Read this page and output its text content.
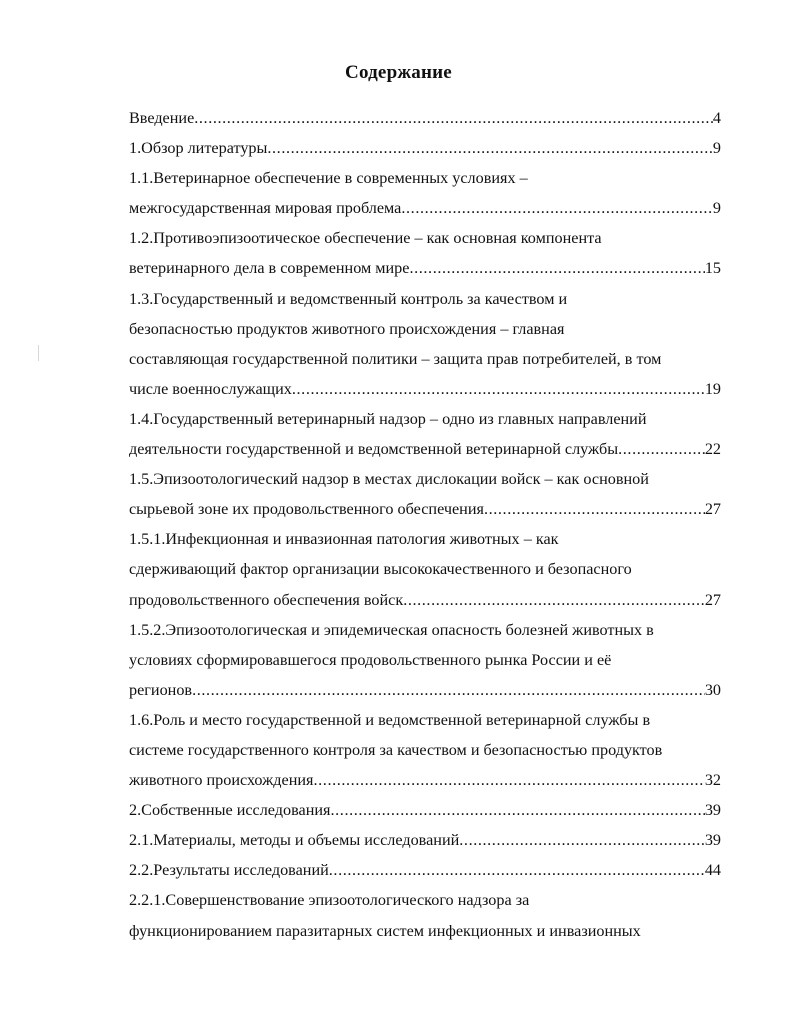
Содержание
Введение .....	4
1.Обзор литературы .....	9
1.1.Ветеринарное обеспечение в современных условиях –
межгосударственная мировая проблема .....	9
1.2.Противоэпизоотическое обеспечение – как основная компонента
ветеринарного дела в современном мире .....	15
1.3.Государственный и ведомственный контроль за качеством и
безопасностью продуктов животного происхождения – главная
составляющая государственной политики – защита прав потребителей, в том
числе военнослужащих .....	19
1.4.Государственный ветеринарный надзор – одно из главных направлений
деятельности государственной и ведомственной ветеринарной службы .....	22
1.5.Эпизоотологический надзор в местах дислокации войск – как основной
сырьевой зоне их продовольственного обеспечения .....	27
1.5.1.Инфекционная и инвазионная патология животных – как
сдерживающий фактор организации высококачественного и безопасного
продовольственного обеспечения войск .....	27
1.5.2.Эпизоотологическая и эпидемическая опасность болезней животных в
условиях сформировавшегося продовольственного рынка России и её
регионов .....	30
1.6.Роль и место государственной и ведомственной ветеринарной службы в
системе государственного контроля за качеством и безопасностью продуктов
животного происхождения .....	32
2.Собственные исследования .....	39
2.1.Материалы, методы и объемы исследований .....	39
2.2.Результаты исследований .....	44
2.2.1.Совершенствование эпизоотологического надзора за
функционированием паразитарных систем инфекционных и инвазионных
